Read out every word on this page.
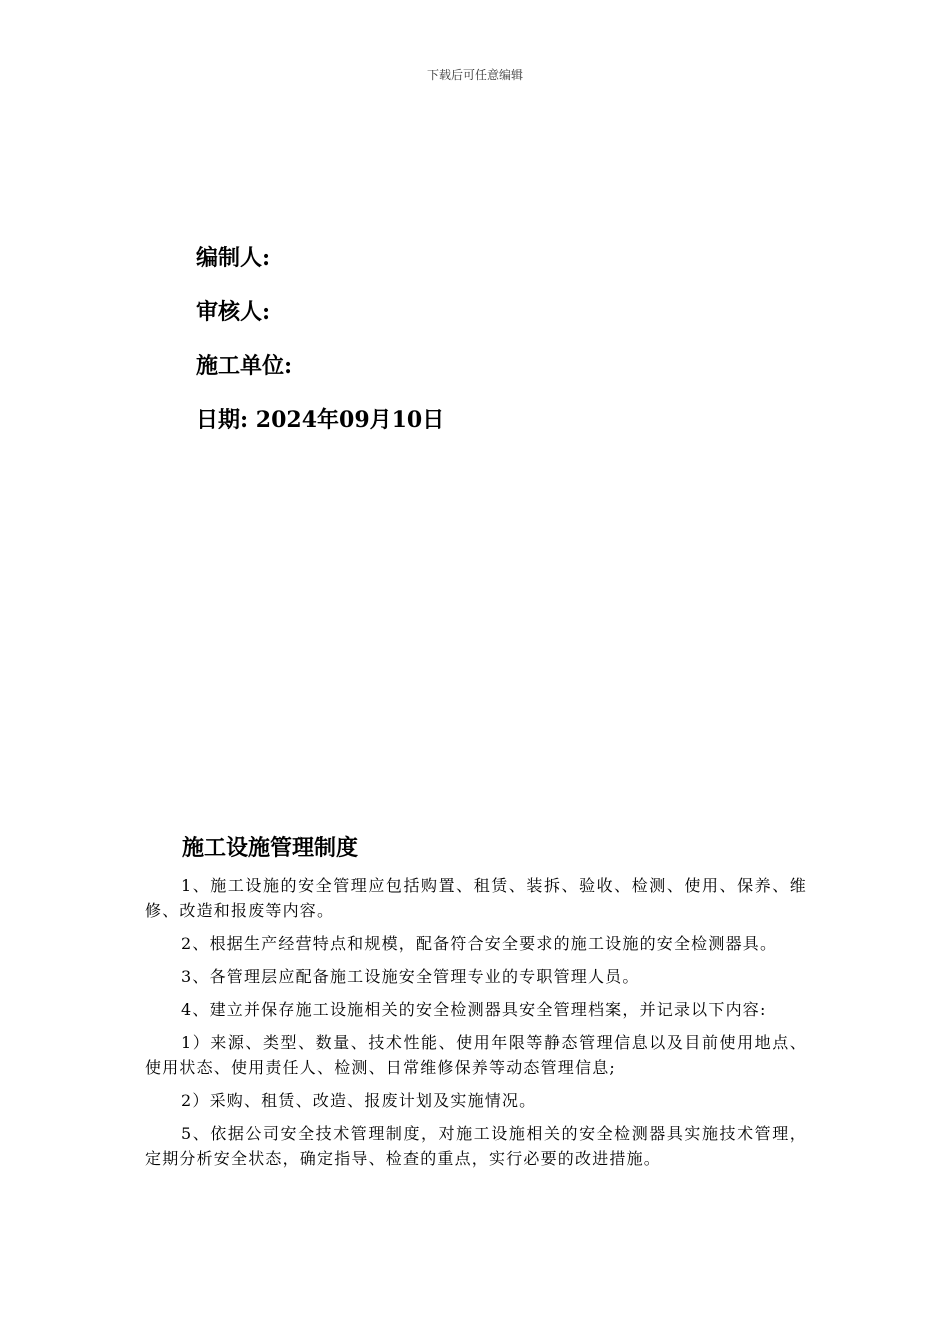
下载后可任意编辑
编制人:
审核人:
施工单位:
日期: 2024年09月10日
施工设施管理制度

1、施工设施的安全管理应包括购置、租赁、装拆、验收、检测、使用、保养、维修、改造和报废等内容。

2、根据生产经营特点和规模，配备符合安全要求的施工设施的安全检测器具。

3、各管理层应配备施工设施安全管理专业的专职管理人员。

4、建立并保存施工设施相关的安全检测器具安全管理档案，并记录以下内容:

1）来源、类型、数量、技术性能、使用年限等静态管理信息以及目前使用地点、使用状态、使用责任人、检测、日常维修保养等动态管理信息;

2）采购、租赁、改造、报废计划及实施情况。

5、依据公司安全技术管理制度，对施工设施相关的安全检测器具实施技术管理，定期分析安全状态，确定指导、检查的重点，实行必要的改进措施。
